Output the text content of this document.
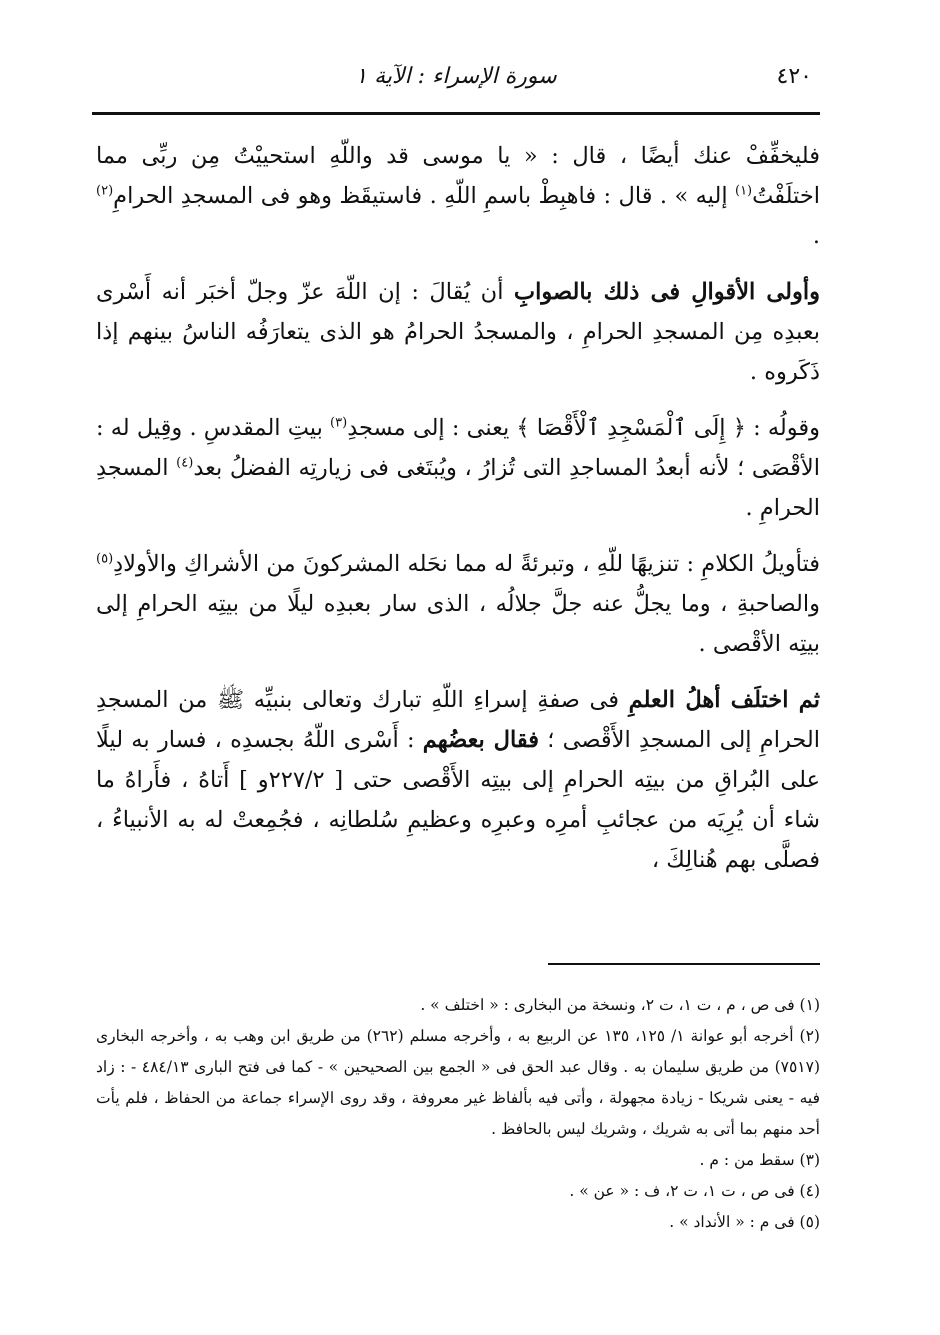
٤٢٠
سورة الإسراء : الآية ١

فليخفِّفْ عنك أيضًا ، قال : « يا موسى قد واللّهِ استحييْتُ مِن ربِّى مما اختلَفْتُ$^{(١)}$ إليه » . قال : فاهبِطْ باسمِ اللّهِ . فاستيقَظ وهو فى المسجدِ الحرامِ$^{(٢)}$ .

وأولى الأقوالِ فى ذلك بالصوابِ أن يُقالَ : إن اللّهَ عزّ وجلّ أخبَر أنه أَسْرى بعبدِه مِن المسجدِ الحرامِ ، والمسجدُ الحرامُ هو الذى يتعارَفُه الناسُ بينهم إذا ذَكَروه .

وقولُه : ﴿ إِلَى ٱلْمَسْجِدِ ٱلْأَقْصَا ﴾ يعنى : إلى مسجدِ$^{(٣)}$ بيتِ المقدسِ . وقِيل له : الأقْصَى ؛ لأنه أبعدُ المساجدِ التى تُزارُ ، ويُبتَغى فى زيارتِه الفضلُ بعد$^{(٤)}$ المسجدِ الحرامِ .

فتأويلُ الكلامِ : تنزيهًا للّهِ ، وتبرئةً له مما نحَله المشركونَ من الأشراكِ والأولادِ$^{(٥)}$ والصاحبةِ ، وما يجلُّ عنه جلَّ جلالُه ، الذى سار بعبدِه ليلًا من بيتِه الحرامِ إلى بيتِه الأقْصى .

ثم اختلَف أهلُ العلمِ فى صفةِ إسراءِ اللّهِ تبارك وتعالى بنبيِّه ﷺ من المسجدِ الحرامِ إلى المسجدِ الأَقْصى ؛ فقال بعضُهم : أَسْرى اللّهُ بجسدِه ، فسار به ليلًا على البُراقِ من بيتِه الحرامِ إلى بيتِه الأَقْصى حتى [ ٢٢٧/٢و ] أَتاهُ ، فأَراهُ ما شاء أن يُرِيَه من عجائبِ أمرِه وعبرِه وعظيمِ سُلطانِه ، فجُمِعتْ له به الأنبياءُ ، فصلَّى بهم هُنالِكَ ،

(١) فى ص ، م ، ت ١، ت ٢، ونسخة من البخارى : « اختلف » .

(٢) أخرجه أبو عوانة ١/ ١٢٥، ١٣٥ عن الربيع به ، وأخرجه مسلم (٢٦٢) من طريق ابن وهب به ، وأخرجه البخارى (٧٥١٧) من طريق سليمان به . وقال عبد الحق فى « الجمع بين الصحيحين » - كما فى فتح البارى ٤٨٤/١٣ - : زاد فيه - يعنى شريكا - زيادة مجهولة ، وأتى فيه بألفاظ غير معروفة ، وقد روى الإسراء جماعة من الحفاظ ، فلم يأت أحد منهم بما أتى به شريك ، وشريك ليس بالحافظ .

(٣) سقط من : م .

(٤) فى ص ، ت ١، ت ٢، ف : « عن » .

(٥) فى م : « الأنداد » .
